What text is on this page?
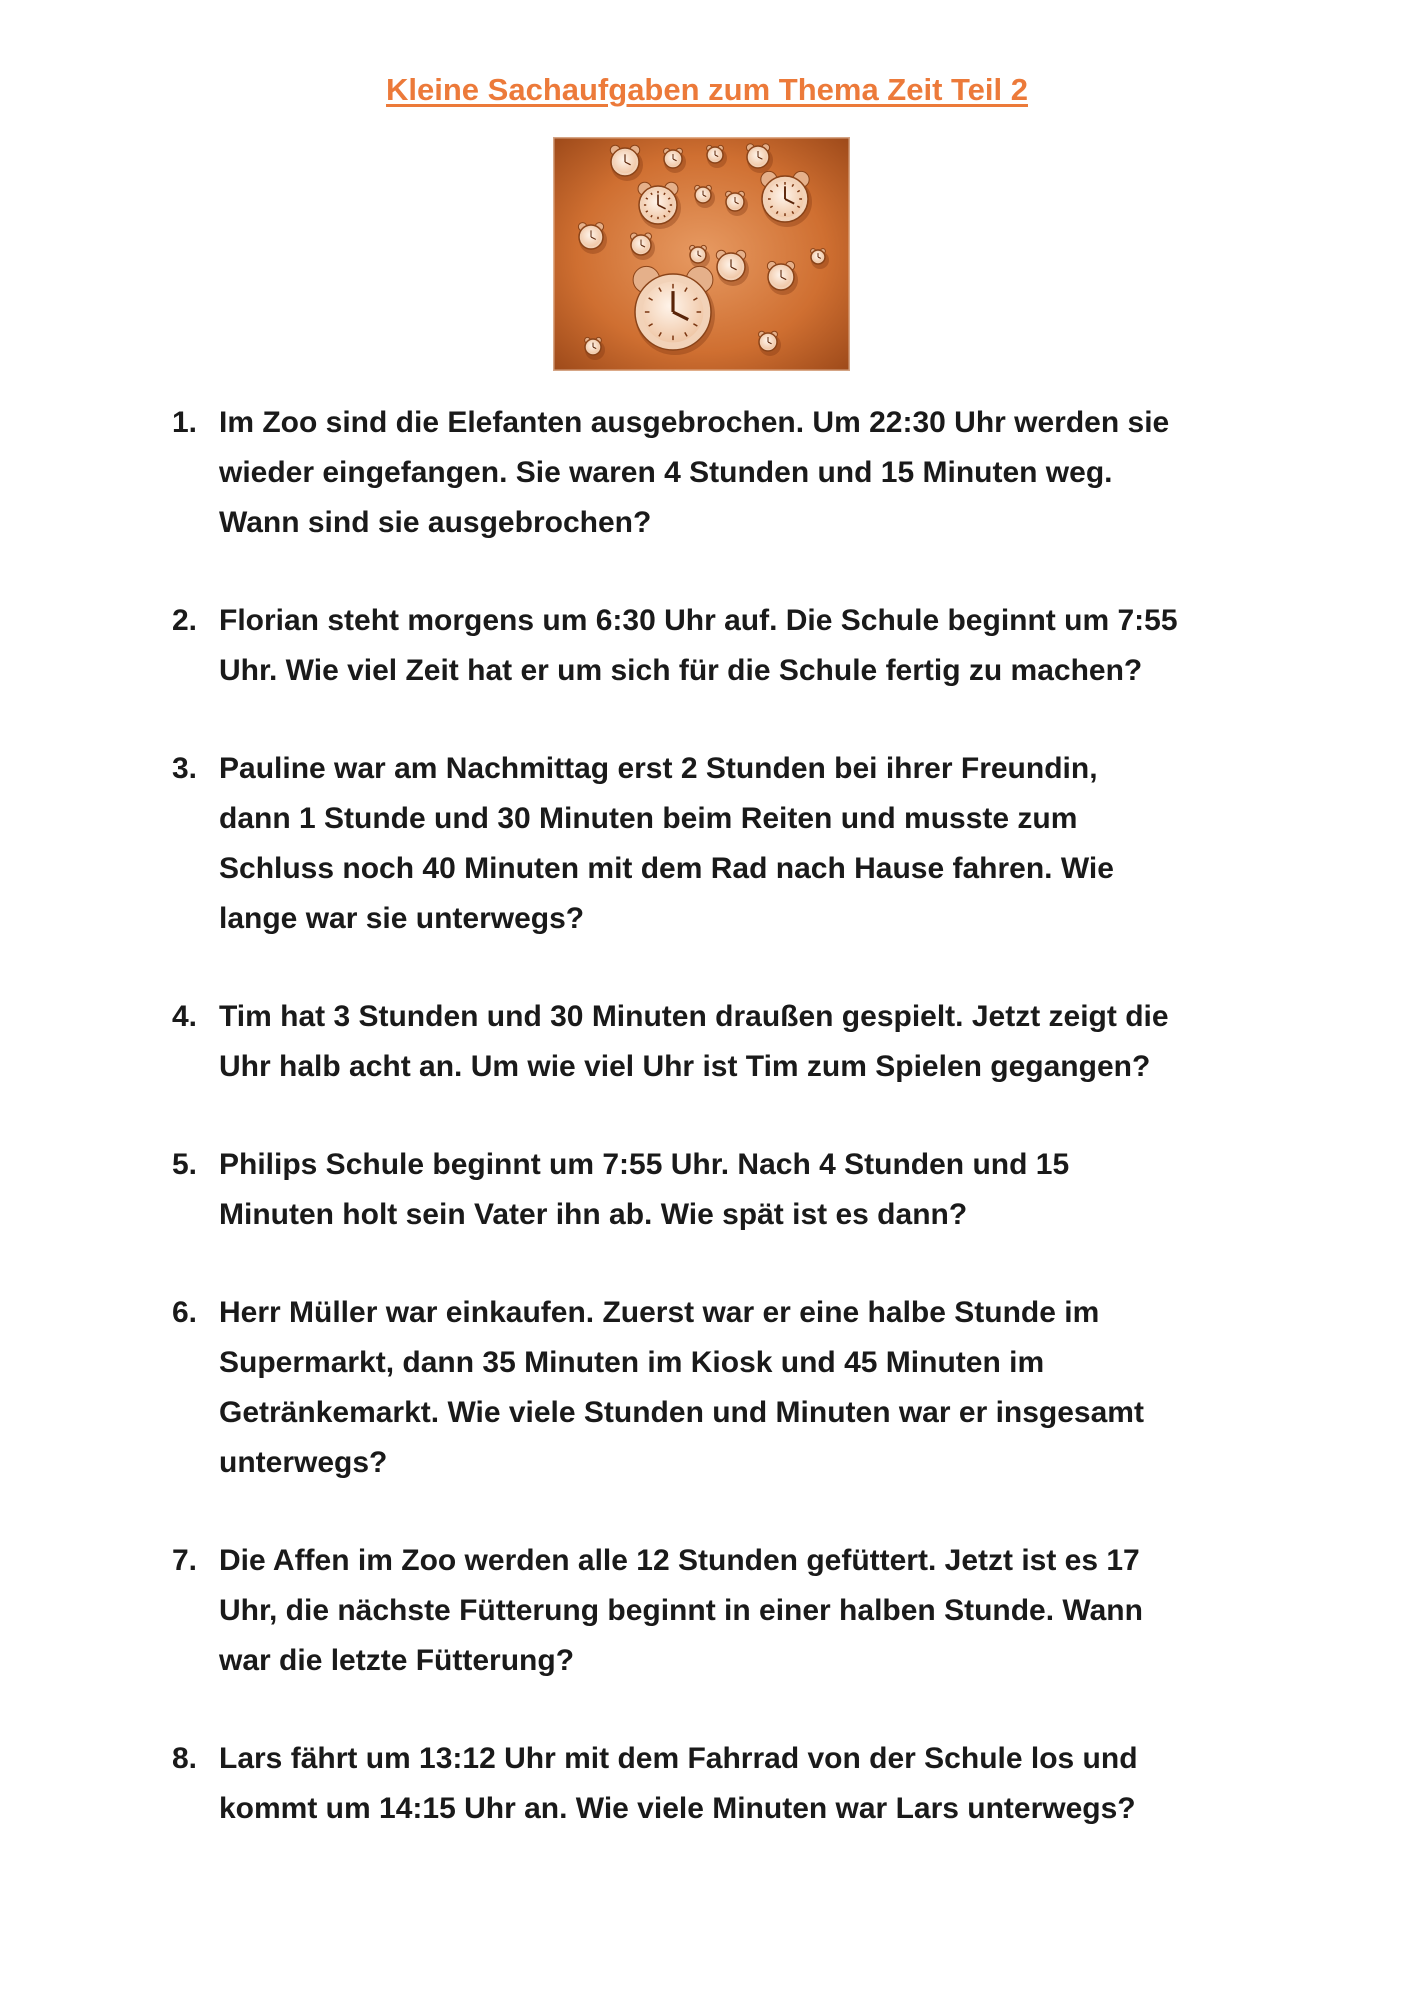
Kleine Sachaufgaben zum Thema Zeit Teil 2
1. Im Zoo sind die Elefanten ausgebrochen. Um 22:30 Uhr werden sie
wieder eingefangen. Sie waren 4 Stunden und 15 Minuten weg.
Wann sind sie ausgebrochen?
2. Florian steht morgens um 6:30 Uhr auf. Die Schule beginnt um 7:55
Uhr. Wie viel Zeit hat er um sich für die Schule fertig zu machen?
3. Pauline war am Nachmittag erst 2 Stunden bei ihrer Freundin,
dann 1 Stunde und 30 Minuten beim Reiten und musste zum
Schluss noch 40 Minuten mit dem Rad nach Hause fahren. Wie
lange war sie unterwegs?
4. Tim hat 3 Stunden und 30 Minuten draußen gespielt. Jetzt zeigt die
Uhr halb acht an. Um wie viel Uhr ist Tim zum Spielen gegangen?
5. Philips Schule beginnt um 7:55 Uhr. Nach 4 Stunden und 15
Minuten holt sein Vater ihn ab. Wie spät ist es dann?
6. Herr Müller war einkaufen. Zuerst war er eine halbe Stunde im
Supermarkt, dann 35 Minuten im Kiosk und 45 Minuten im
Getränkemarkt. Wie viele Stunden und Minuten war er insgesamt
unterwegs?
7. Die Affen im Zoo werden alle 12 Stunden gefüttert. Jetzt ist es 17
Uhr, die nächste Fütterung beginnt in einer halben Stunde. Wann
war die letzte Fütterung?
8. Lars fährt um 13:12 Uhr mit dem Fahrrad von der Schule los und
kommt um 14:15 Uhr an. Wie viele Minuten war Lars unterwegs?
